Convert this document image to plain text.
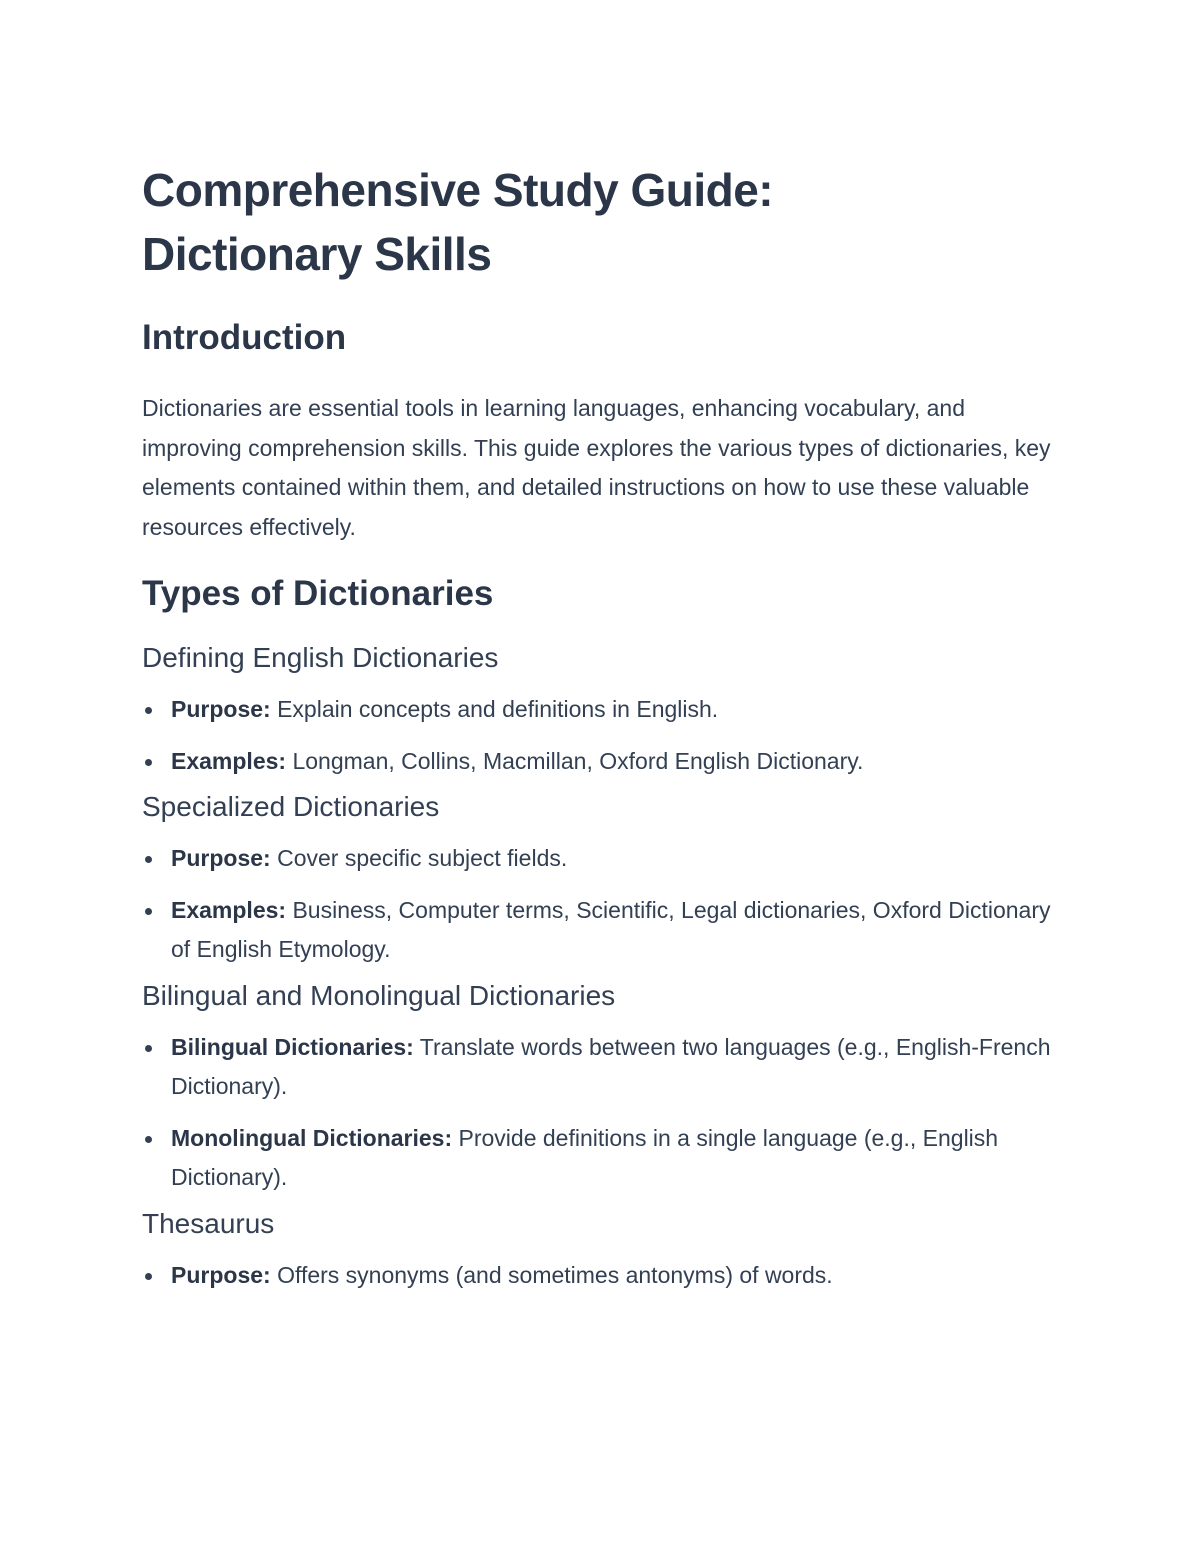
Comprehensive Study Guide:
Dictionary Skills
Introduction

Dictionaries are essential tools in learning languages, enhancing vocabulary, and improving comprehension skills. This guide explores the various types of dictionaries, key elements contained within them, and detailed instructions on how to use these valuable resources effectively.

Types of Dictionaries
Defining English Dictionaries
Purpose: Explain concepts and definitions in English.
Examples: Longman, Collins, Macmillan, Oxford English Dictionary.
Specialized Dictionaries
Purpose: Cover specific subject fields.
Examples: Business, Computer terms, Scientific, Legal dictionaries, Oxford Dictionary of English Etymology.
Bilingual and Monolingual Dictionaries
Bilingual Dictionaries: Translate words between two languages (e.g., English-French Dictionary).
Monolingual Dictionaries: Provide definitions in a single language (e.g., English Dictionary).
Thesaurus
Purpose: Offers synonyms (and sometimes antonyms) of words.
